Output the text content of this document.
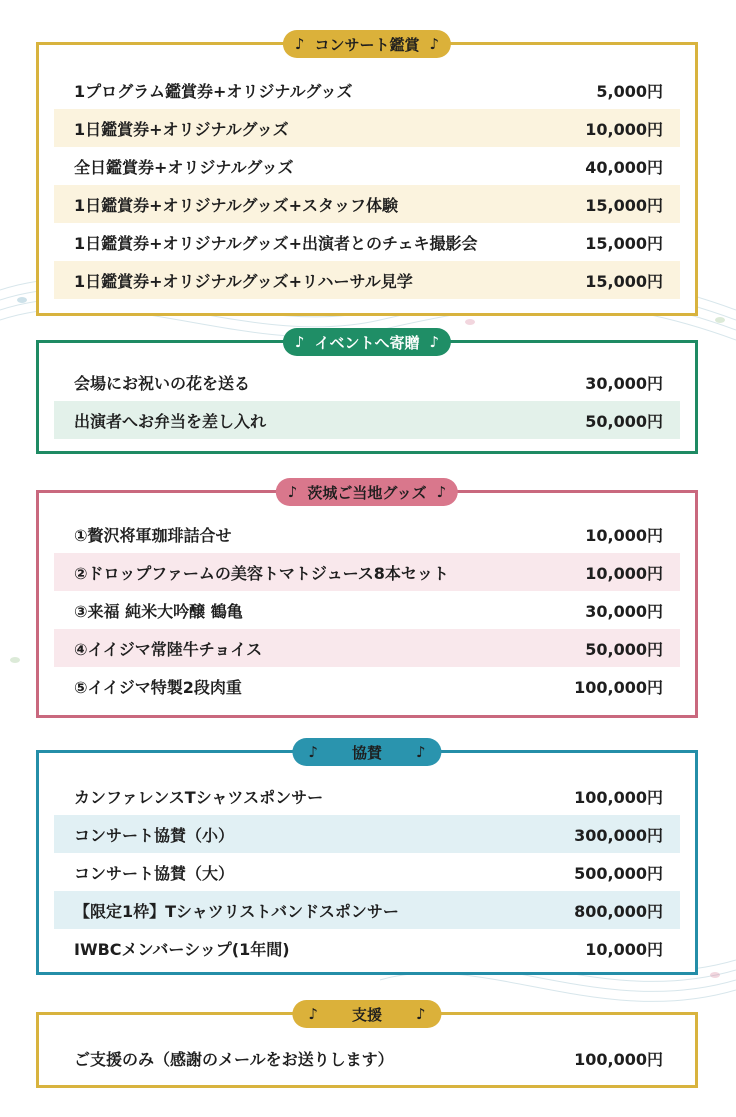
♪ コンサート鑑賞 ♪
1プログラム鑑賞券+オリジナルグッズ	5,000円
1日鑑賞券+オリジナルグッズ	10,000円
全日鑑賞券+オリジナルグッズ	40,000円
1日鑑賞券+オリジナルグッズ+スタッフ体験	15,000円
1日鑑賞券+オリジナルグッズ+出演者とのチェキ撮影会	15,000円
1日鑑賞券+オリジナルグッズ+リハーサル見学	15,000円
♪ イベントへ寄贈 ♪
会場にお祝いの花を送る	30,000円
出演者へお弁当を差し入れ	50,000円
♪ 茨城ご当地グッズ ♪
①贅沢将軍珈琲詰合せ	10,000円
②ドロップファームの美容トマトジュース8本セット	10,000円
③来福 純米大吟醸 鶴亀	30,000円
④イイジマ常陸牛チョイス	50,000円
⑤イイジマ特製2段肉重	100,000円
♪ 協賛 ♪
カンファレンスTシャツスポンサー	100,000円
コンサート協賛（小）	300,000円
コンサート協賛（大）	500,000円
【限定1枠】Tシャツリストバンドスポンサー	800,000円
IWBCメンバーシップ(1年間)	10,000円
♪ 支援 ♪
ご支援のみ（感謝のメールをお送りします）	100,000円
